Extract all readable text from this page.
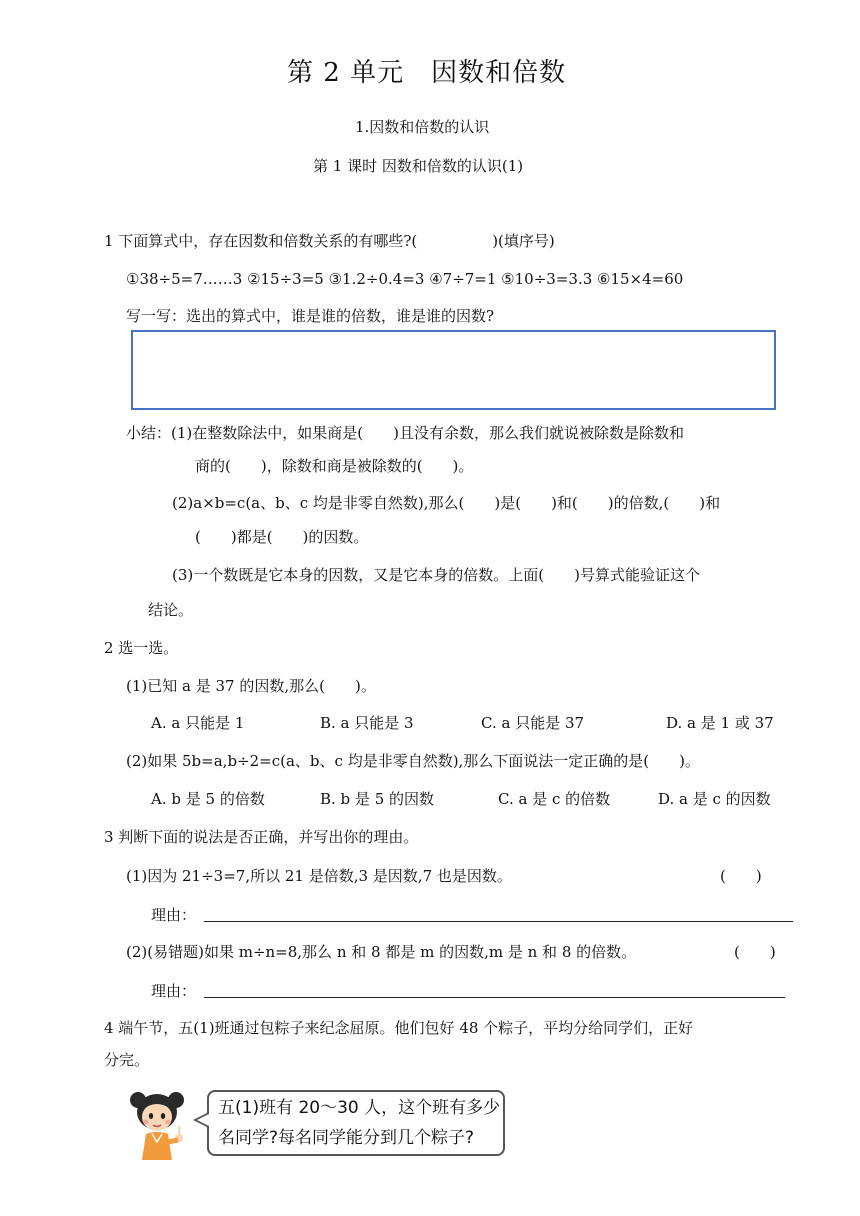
第 2 单元　因数和倍数
1.因数和倍数的认识
第 1 课时 因数和倍数的认识(1)
1 下面算式中，存在因数和倍数关系的有哪些?(　　　　　)(填序号)
①38÷5=7……3 ②15÷3=5 ③1.2÷0.4=3 ④7÷7=1 ⑤10÷3=3.3 ⑥15×4=60
写一写：选出的算式中，谁是谁的倍数，谁是谁的因数?
小结：(1)在整数除法中，如果商是(　　)且没有余数，那么我们就说被除数是除数和
商的(　　)，除数和商是被除数的(　　)。
(2)a×b=c(a、b、c 均是非零自然数),那么(　　)是(　　)和(　　)的倍数,(　　)和
(　　)都是(　　)的因数。
(3)一个数既是它本身的因数，又是它本身的倍数。上面(　　)号算式能验证这个
结论。
2 选一选。
(1)已知 a 是 37 的因数,那么(　　)。
A. a 只能是 1	B. a 只能是 3	C. a 只能是 37	D. a 是 1 或 37
(2)如果 5b=a,b÷2=c(a、b、c 均是非零自然数),那么下面说法一定正确的是(　　)。
A. b 是 5 的倍数	B. b 是 5 的因数	C. a 是 c 的倍数	D. a 是 c 的因数
3 判断下面的说法是否正确，并写出你的理由。
(1)因为 21÷3=7,所以 21 是倍数,3 是因数,7 也是因数。	(　　)
理由：
(2)(易错题)如果 m÷n=8,那么 n 和 8 都是 m 的因数,m 是 n 和 8 的倍数。	(　　)
理由：
4 端午节，五(1)班通过包粽子来纪念屈原。他们包好 48 个粽子，平均分给同学们，正好
分完。
五(1)班有 20～30 人，这个班有多少
名同学?每名同学能分到几个粽子?
